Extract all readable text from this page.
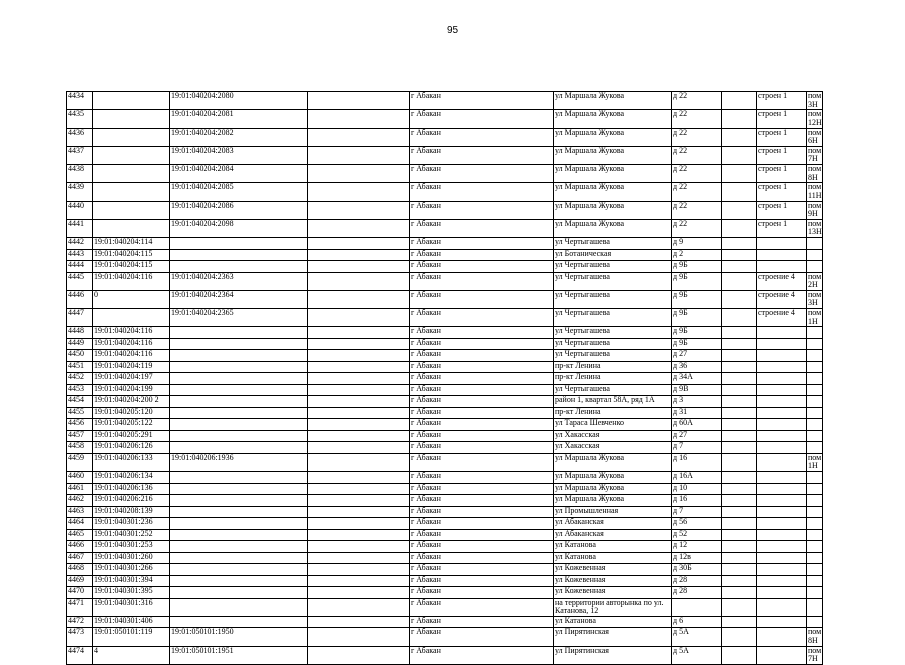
95
4434		19:01:040204:2080		г Абакан	ул Маршала Жукова	д 22		строен 1	пом 3Н
4435		19:01:040204:2081		г Абакан	ул Маршала Жукова	д 22		строен 1	пом 12Н
4436		19:01:040204:2082		г Абакан	ул Маршала Жукова	д 22		строен 1	пом 6Н
4437		19:01:040204:2083		г Абакан	ул Маршала Жукова	д 22		строен 1	пом 7Н
4438		19:01:040204:2084		г Абакан	ул Маршала Жукова	д 22		строен 1	пом 8Н
4439		19:01:040204:2085		г Абакан	ул Маршала Жукова	д 22		строен 1	пом 11Н
4440		19:01:040204:2086		г Абакан	ул Маршала Жукова	д 22		строен 1	пом 9Н
4441		19:01:040204:2098		г Абакан	ул Маршала Жукова	д 22		строен 1	пом 13Н
4442	19:01:040204:114			г Абакан	ул Чертыгашева	д 9			
4443	19:01:040204:115			г Абакан	ул Ботаническая	д 2			
4444	19:01:040204:115			г Абакан	ул Чертыгашева	д 9Б			
4445	19:01:040204:116	19:01:040204:2363		г Абакан	ул Чертыгашева	д 9Б		строение 4	пом 2Н
4446	0	19:01:040204:2364		г Абакан	ул Чертыгашева	д 9Б		строение 4	пом 3Н
4447		19:01:040204:2365		г Абакан	ул Чертыгашева	д 9Б		строение 4	пом 1Н
4448	19:01:040204:116			г Абакан	ул Чертыгашева	д 9Б			
4449	19:01:040204:116			г Абакан	ул Чертыгашева	д 9Б			
4450	19:01:040204:116			г Абакан	ул Чертыгашева	д 27			
4451	19:01:040204:119			г Абакан	пр-кт Ленина	д 36			
4452	19:01:040204:197			г Абакан	пр-кт Ленина	д 34А			
4453	19:01:040204:199			г Абакан	ул Чертыгашева	д 9В			
4454	19:01:040204:200 2			г Абакан	район 1, квартал 58А, ряд 1А	д 3			
4455	19:01:040205:120			г Абакан	пр-кт Ленина	д 31			
4456	19:01:040205:122			г Абакан	ул Тараса Шевченко	д 60А			
4457	19:01:040205:291			г Абакан	ул Хакасская	д 27			
4458	19:01:040206:126			г Абакан	ул Хакасская	д 7			
4459	19:01:040206:133	19:01:040206:1936		г Абакан	ул Маршала Жукова	д 16			пом 1Н
4460	19:01:040206:134			г Абакан	ул Маршала Жукова	д 16А			
4461	19:01:040206:136			г Абакан	ул Маршала Жукова	д 10			
4462	19:01:040206:216			г Абакан	ул Маршала Жукова	д 16			
4463	19:01:040208:139			г Абакан	ул Промышленная	д 7			
4464	19:01:040301:236			г Абакан	ул Абаканская	д 56			
4465	19:01:040301:252			г Абакан	ул Абаканская	д 52			
4466	19:01:040301:253			г Абакан	ул Катанова	д 12			
4467	19:01:040301:260			г Абакан	ул Катанова	д 12в			
4468	19:01:040301:266			г Абакан	ул Кожевенная	д 30Б			
4469	19:01:040301:394			г Абакан	ул Кожевенная	д 28			
4470	19:01:040301:395			г Абакан	ул Кожевенная	д 28			
4471	19:01:040301:316			г Абакан	на территории авторынка по ул. Катанова, 12				
4472	19:01:040301:406			г Абакан	ул Катанова	д 6			
4473	19:01:050101:119	19:01:050101:1950		г Абакан	ул Пирятинская	д 5А			пом 8Н
4474	4	19:01:050101:1951		г Абакан	ул Пирятинская	д 5А			пом 7Н
